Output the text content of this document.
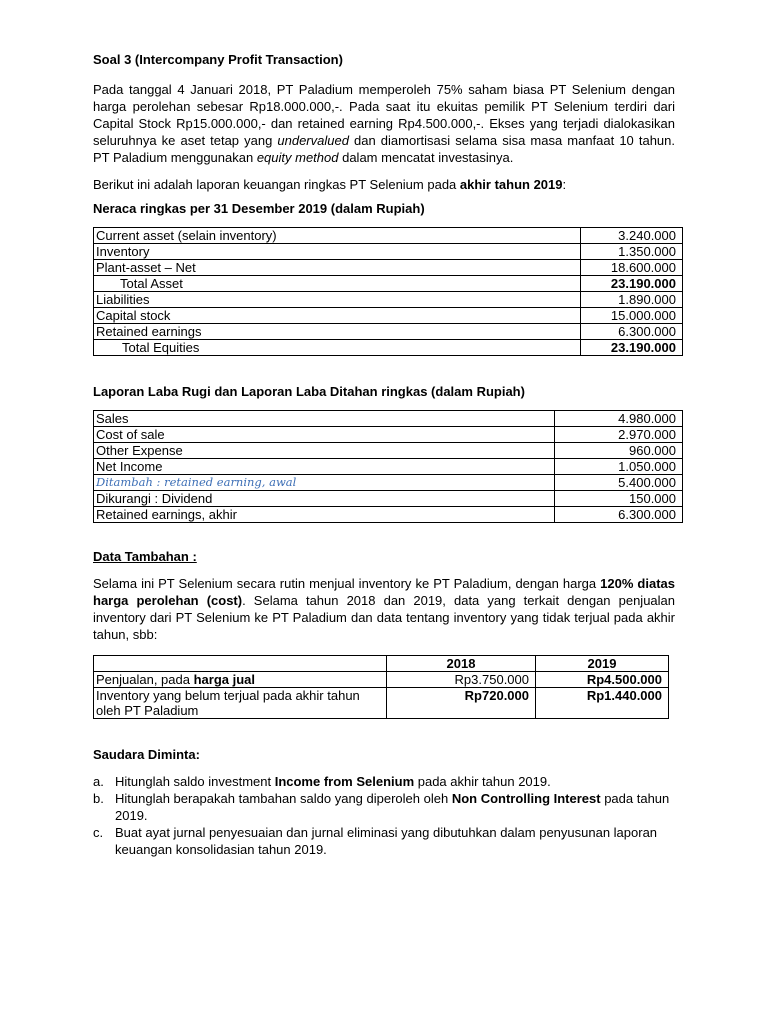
Soal 3 (Intercompany Profit Transaction)

Pada tanggal 4 Januari 2018, PT Paladium memperoleh 75% saham biasa PT Selenium dengan harga perolehan sebesar Rp18.000.000,-. Pada saat itu ekuitas pemilik PT Selenium terdiri dari Capital Stock Rp15.000.000,- dan retained earning Rp4.500.000,-. Ekses yang terjadi dialokasikan seluruhnya ke aset tetap yang undervalued dan diamortisasi selama sisa masa manfaat 10 tahun. PT Paladium menggunakan equity method dalam mencatat investasinya.

Berikut ini adalah laporan keuangan ringkas PT Selenium pada akhir tahun 2019:

Neraca ringkas per 31 Desember 2019 (dalam Rupiah)
Current asset (selain inventory)	3.240.000
Inventory	1.350.000
Plant-asset – Net	18.600.000
Total Asset	23.190.000
Liabilities	1.890.000
Capital stock	15.000.000
Retained earnings	6.300.000
Total Equities	23.190.000
Laporan Laba Rugi dan Laporan Laba Ditahan ringkas (dalam Rupiah)
Sales	4.980.000
Cost of sale	2.970.000
Other Expense	960.000
Net Income	1.050.000
Ditambah : retained earning, awal	5.400.000
Dikurangi : Dividend	150.000
Retained earnings, akhir	6.300.000
Data Tambahan :

Selama ini PT Selenium secara rutin menjual inventory ke PT Paladium, dengan harga 120% diatas harga perolehan (cost). Selama tahun 2018 dan 2019, data yang terkait dengan penjualan inventory dari PT Selenium ke PT Paladium dan data tentang inventory yang tidak terjual pada akhir tahun, sbb:

	2018	2019
Penjualan, pada harga jual	Rp3.750.000	Rp4.500.000
Inventory yang belum terjual pada akhir tahun oleh PT Paladium	Rp720.000	Rp1.440.000
Saudara Diminta:
a. Hitunglah saldo investment Income from Selenium pada akhir tahun 2019.
b. Hitunglah berapakah tambahan saldo yang diperoleh oleh Non Controlling Interest pada tahun 2019.
c. Buat ayat jurnal penyesuaian dan jurnal eliminasi yang dibutuhkan dalam penyusunan laporan keuangan konsolidasian tahun 2019.
